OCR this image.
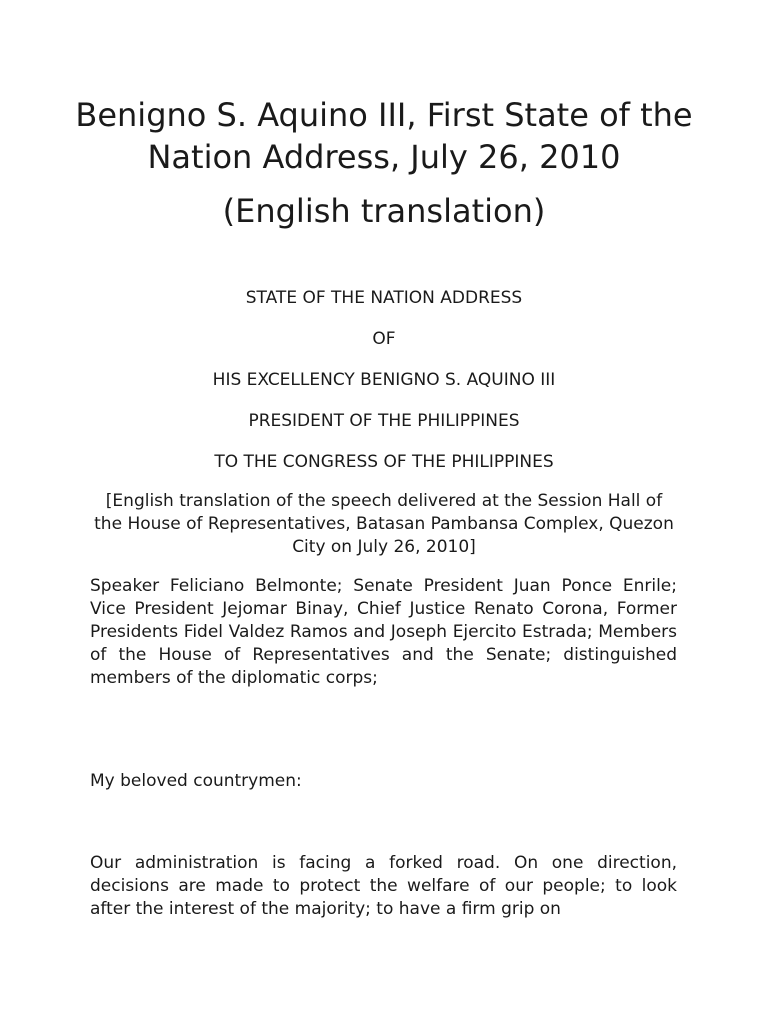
Benigno S. Aquino III, First State of the Nation Address, July 26, 2010
(English translation)

STATE OF THE NATION ADDRESS

OF

HIS EXCELLENCY BENIGNO S. AQUINO III

PRESIDENT OF THE PHILIPPINES

TO THE CONGRESS OF THE PHILIPPINES

[English translation of the speech delivered at the Session Hall of the House of Representatives, Batasan Pambansa Complex, Quezon City on July 26, 2010]

Speaker Feliciano Belmonte; Senate President Juan Ponce Enrile; Vice President Jejomar Binay, Chief Justice Renato Corona, Former Presidents Fidel Valdez Ramos and Joseph Ejercito Estrada; Members of the House of Representatives and the Senate; distinguished members of the diplomatic corps;

My beloved countrymen:

Our administration is facing a forked road. On one direction, decisions are made to protect the welfare of our people; to look after the interest of the majority; to have a firm grip on
